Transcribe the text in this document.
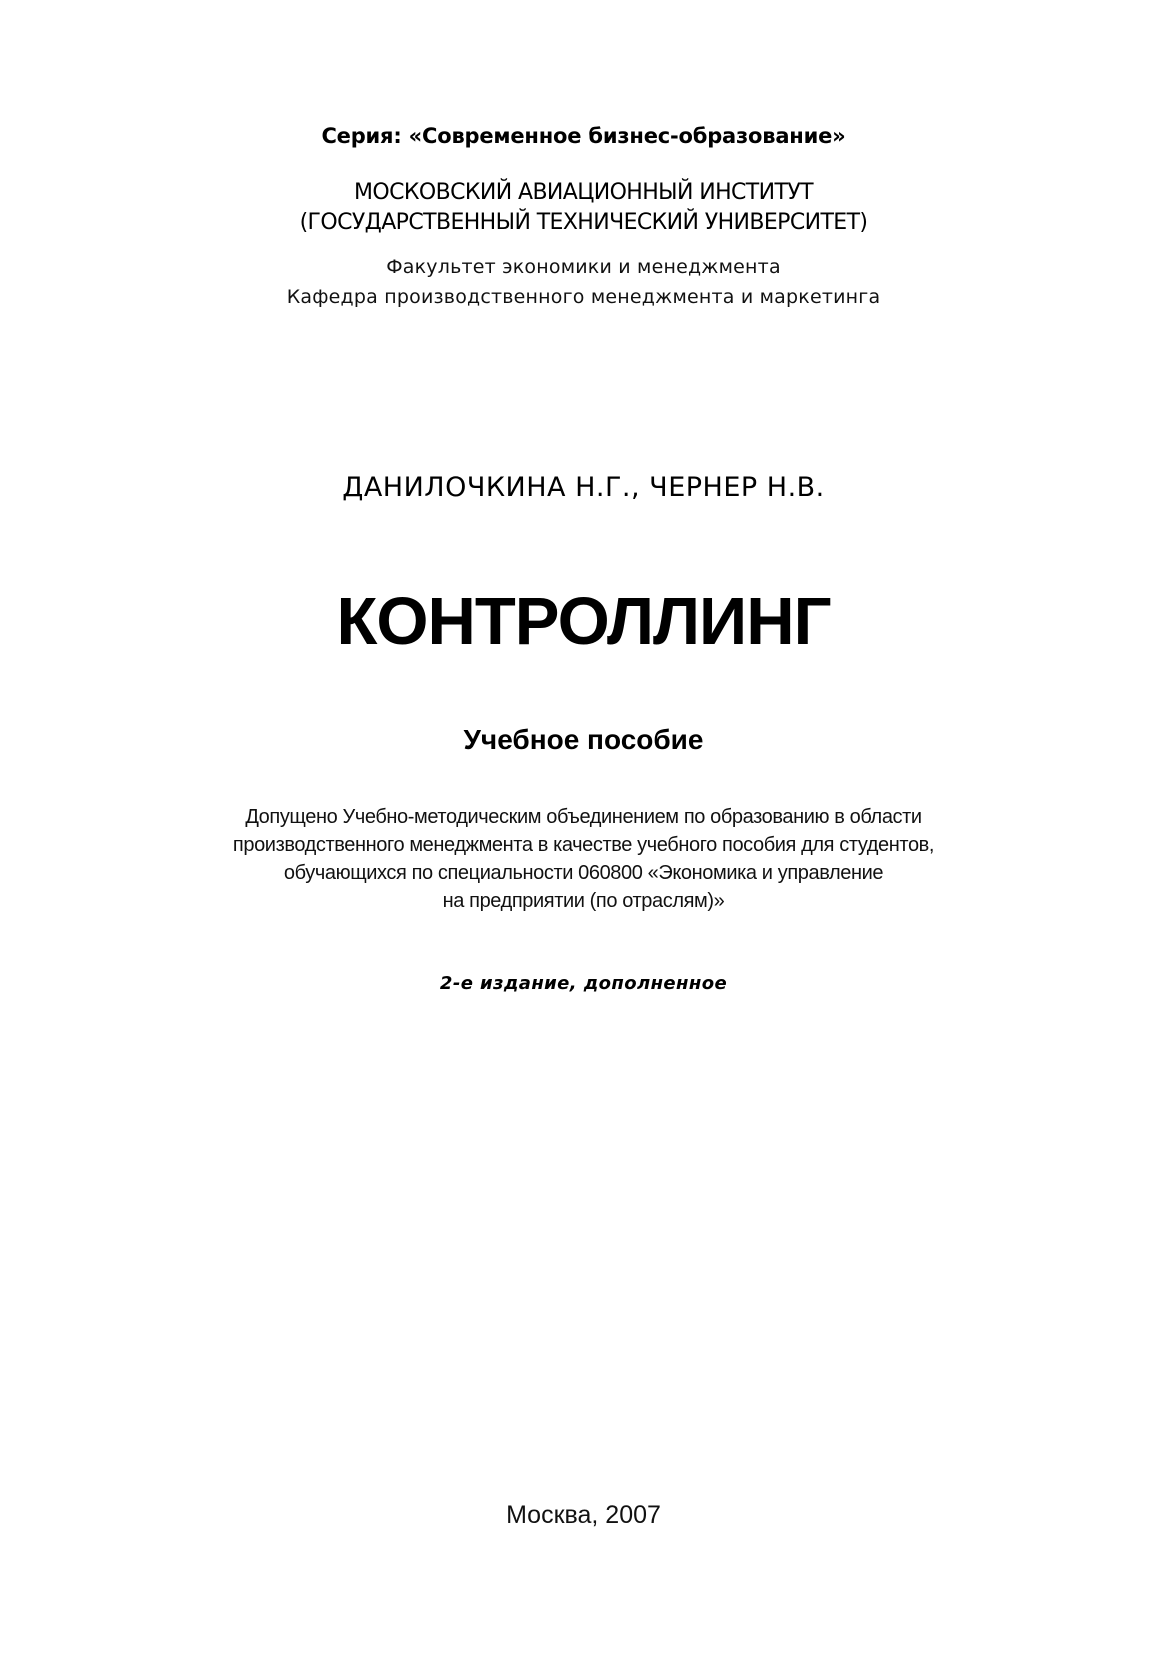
Серия: «Современное бизнес-образование»
МОСКОВСКИЙ АВИАЦИОННЫЙ ИНСТИТУТ
(ГОСУДАРСТВЕННЫЙ ТЕХНИЧЕСКИЙ УНИВЕРСИТЕТ)
Факультет экономики и менеджмента
Кафедра производственного менеджмента и маркетинга
ДАНИЛОЧКИНА Н.Г., ЧЕРНЕР Н.В.
КОНТРОЛЛИНГ
Учебное пособие
Допущено Учебно-методическим объединением по образованию в области
производственного менеджмента в качестве учебного пособия для студентов,
обучающихся по специальности 060800 «Экономика и управление
на предприятии (по отраслям)»
2-е издание, дополненное
Москва, 2007
